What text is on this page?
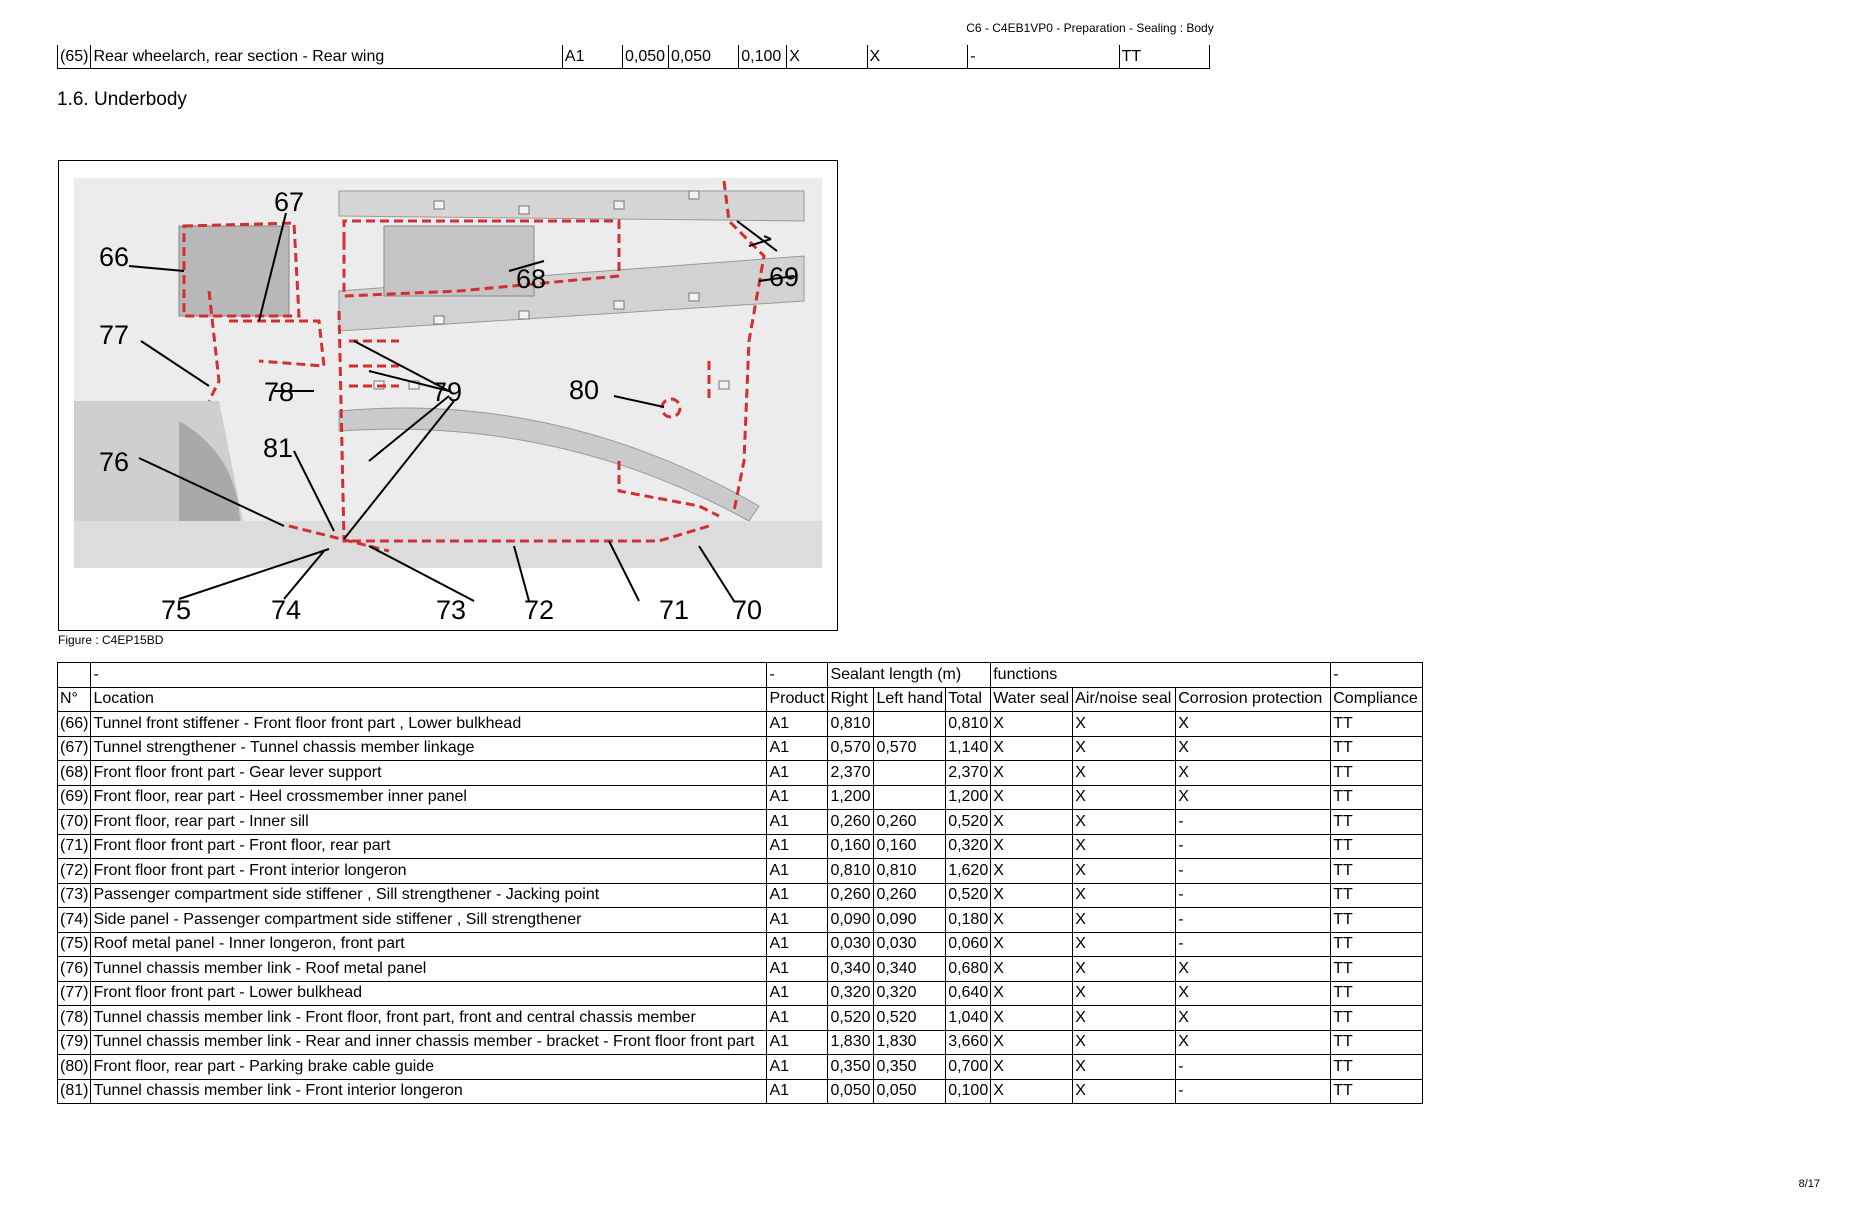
C6 - C4EB1VP0 - Preparation - Sealing : Body
(65)	Rear wheelarch, rear section - Rear wing	A1	0,050	0,050	0,100	X	X	-	TT
1.6. Underbody
67
66
68	69
77
78	79	80
81
76
75	74	73 72	71 70
Figure : C4EP15BD
	-	-	Sealant length (m)			functions			-
N°	Location	Product	Right	Left hand	Total	Water seal	Air/noise seal	Corrosion protection	Compliance
(66)	Tunnel front stiffener - Front floor front part , Lower bulkhead	A1	0,810		0,810	X	X	X	TT
(67)	Tunnel strengthener - Tunnel chassis member linkage	A1	0,570	0,570	1,140	X	X	X	TT
(68)	Front floor front part - Gear lever support	A1	2,370		2,370	X	X	X	TT
(69)	Front floor, rear part - Heel crossmember inner panel	A1	1,200		1,200	X	X	X	TT
(70)	Front floor, rear part - Inner sill	A1	0,260	0,260	0,520	X	X	-	TT
(71)	Front floor front part - Front floor, rear part	A1	0,160	0,160	0,320	X	X	-	TT
(72)	Front floor front part - Front interior longeron	A1	0,810	0,810	1,620	X	X	-	TT
(73)	Passenger compartment side stiffener , Sill strengthener - Jacking point	A1	0,260	0,260	0,520	X	X	-	TT
(74)	Side panel - Passenger compartment side stiffener , Sill strengthener	A1	0,090	0,090	0,180	X	X	-	TT
(75)	Roof metal panel - Inner longeron, front part	A1	0,030	0,030	0,060	X	X	-	TT
(76)	Tunnel chassis member link - Roof metal panel	A1	0,340	0,340	0,680	X	X	X	TT
(77)	Front floor front part - Lower bulkhead	A1	0,320	0,320	0,640	X	X	X	TT
(78)	Tunnel chassis member link - Front floor, front part, front and central chassis member	A1	0,520	0,520	1,040	X	X	X	TT
(79)	Tunnel chassis member link - Rear and inner chassis member - bracket - Front floor front part	A1	1,830	1,830	3,660	X	X	X	TT
(80)	Front floor, rear part - Parking brake cable guide	A1	0,350	0,350	0,700	X	X	-	TT
(81)	Tunnel chassis member link - Front interior longeron	A1	0,050	0,050	0,100	X	X	-	TT
8/17
